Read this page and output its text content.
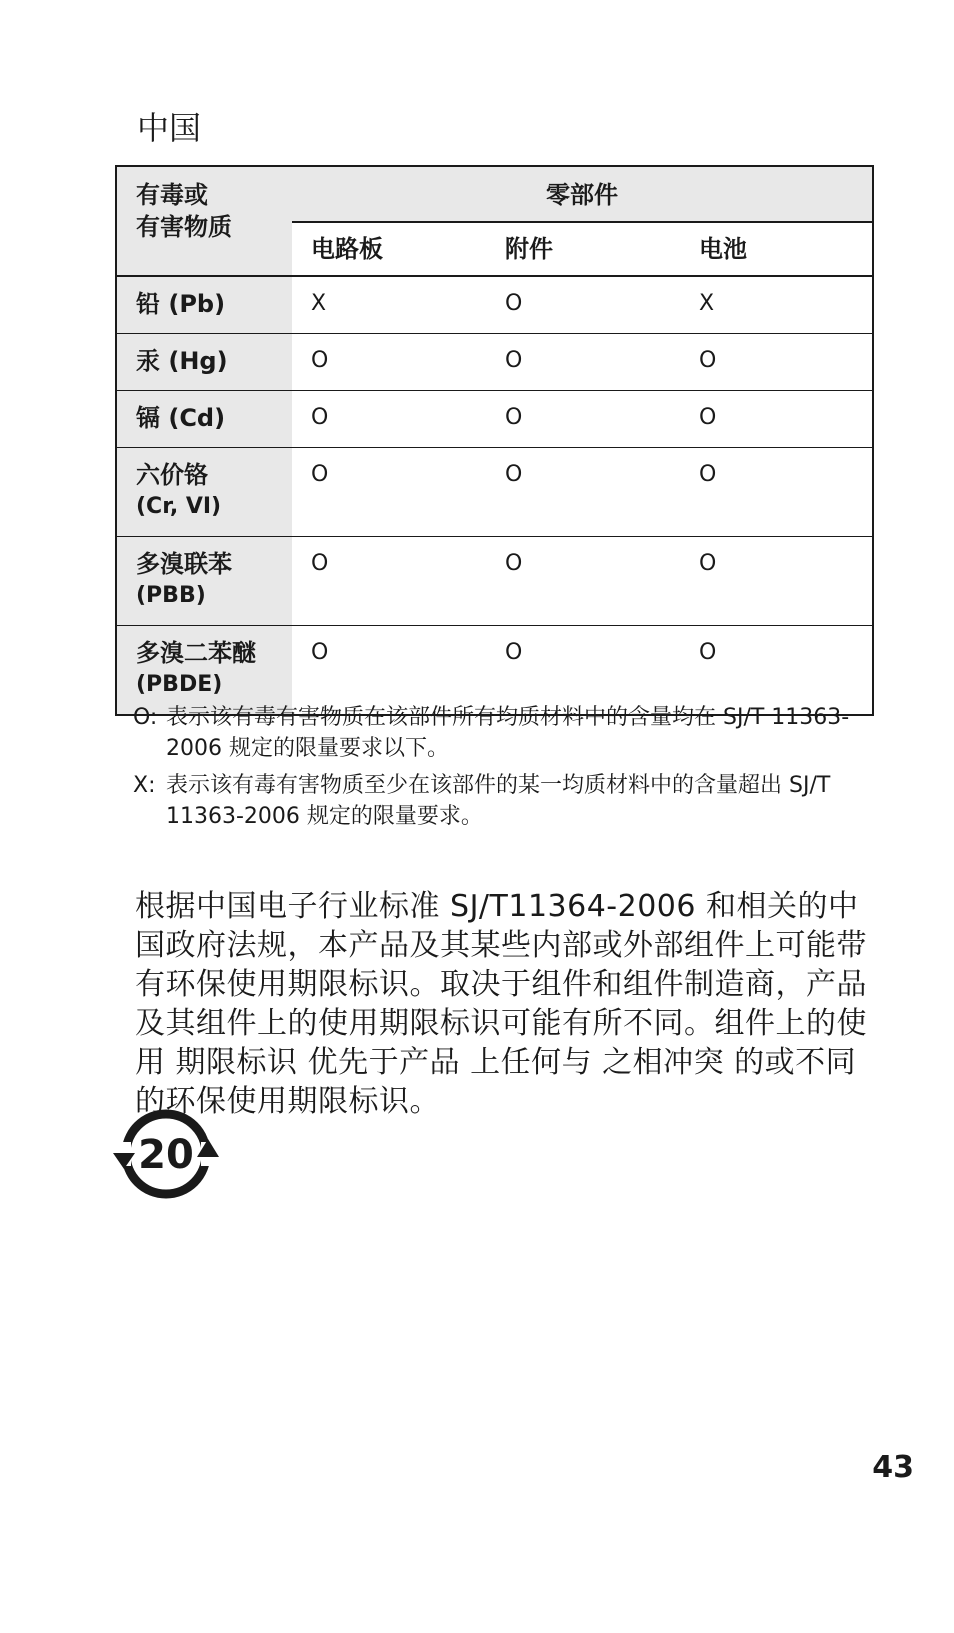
中国
有毒或
有害物质	零部件		
	电路板	附件	电池

铅 (Pb)	X	O	X

汞 (Hg)	O	O	O

镉 (Cd)	O	O	O

六价铬
(Cr, VI)	O	O	O

多溴联苯
(PBB)	O	O	O

多溴二苯醚
(PBDE)	O	O	O
O: 表示该有毒有害物质在该部件所有均质材料中的含量均在 SJ/T 11363-2006 规定的限量要求以下。
X: 表示该有毒有害物质至少在该部件的某一均质材料中的含量超出 SJ/T 11363-2006 规定的限量要求。

根据中国电子行业标准 SJ/T11364-2006 和相关的中国政府法规，本产品及其某些内部或外部组件上可能带有环保使用期限标识。取决于组件和组件制造商，产品及其组件上的使用期限标识可能有所不同。组件上的使用 期限标识 优先于产品 上任何与 之相冲突 的或不同的环保使用期限标识。

20
43
